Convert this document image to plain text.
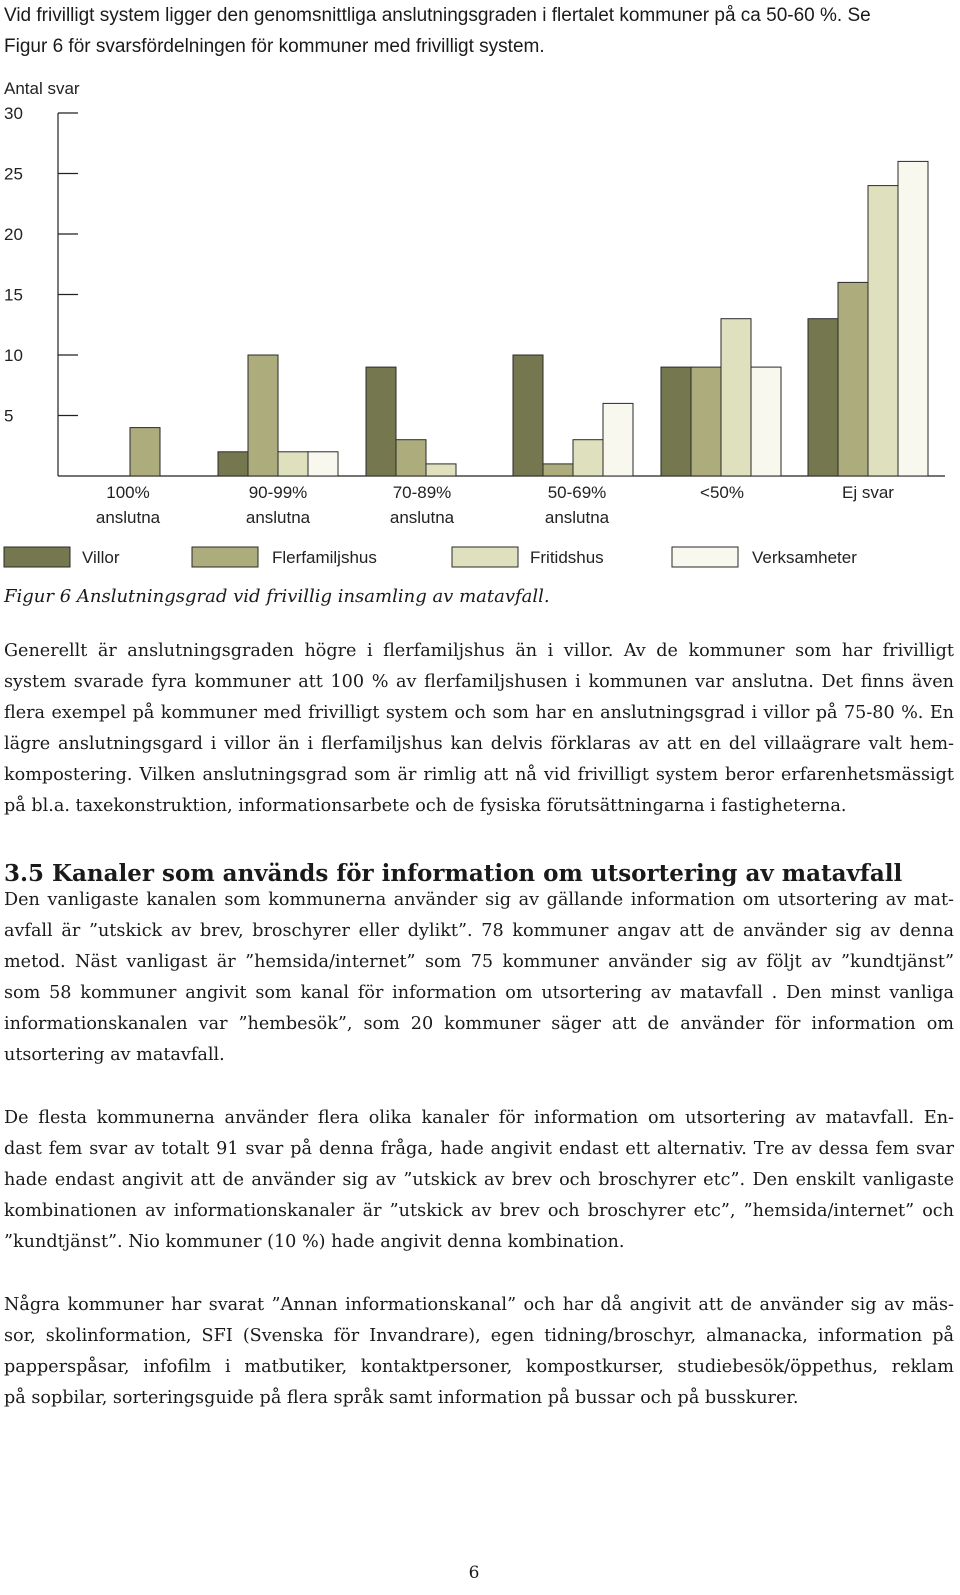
Vid frivilligt system ligger den genomsnittliga anslutningsgraden i flertalet kommuner på ca 50-60 %. Se
Figur 6 för svarsfördelningen för kommuner med frivilligt system.
Antal svar
30
25
20
15
10
5
100%
anslutna
90-99%
anslutna
70-89%
anslutna
50-69%
anslutna
<50%	Ej svar
Villor	Flerfamiljshus	Fritidshus	Verksamheter
Figur 6 Anslutningsgrad vid frivillig insamling av matavfall.

Generellt är anslutningsgraden högre i flerfamiljshus än i villor. Av de kommuner som har frivilligt

system svarade fyra kommuner att 100 % av flerfamiljshusen i kommunen var anslutna. Det finns även

flera exempel på kommuner med frivilligt system och som har en anslutningsgrad i villor på 75-80 %. En

lägre anslutningsgard i villor än i flerfamiljshus kan delvis förklaras av att en del villaägrare valt hem-

kompostering. Vilken anslutningsgrad som är rimlig att nå vid frivilligt system beror erfarenhetsmässigt

på bl.a. taxekonstruktion, informationsarbete och de fysiska förutsättningarna i fastigheterna.

3.5 Kanaler som används för information om utsortering av matavfall

Den vanligaste kanalen som kommunerna använder sig av gällande information om utsortering av mat-

avfall är ”utskick av brev, broschyrer eller dylikt”. 78 kommuner angav att de använder sig av denna

metod. Näst vanligast är ”hemsida/internet” som 75 kommuner använder sig av följt av ”kundtjänst”

som 58 kommuner angivit som kanal för information om utsortering av matavfall . Den minst vanliga

informationskanalen var ”hembesök”, som 20 kommuner säger att de använder för information om

utsortering av matavfall.

De flesta kommunerna använder flera olika kanaler för information om utsortering av matavfall. En-

dast fem svar av totalt 91 svar på denna fråga, hade angivit endast ett alternativ. Tre av dessa fem svar

hade endast angivit att de använder sig av ”utskick av brev och broschyrer etc”. Den enskilt vanligaste

kombinationen av informationskanaler är ”utskick av brev och broschyrer etc”, ”hemsida/internet” och

”kundtjänst”. Nio kommuner (10 %) hade angivit denna kombination.

Några kommuner har svarat ”Annan informationskanal” och har då angivit att de använder sig av mäs-

sor, skolinformation, SFI (Svenska för Invandrare), egen tidning/broschyr, almanacka, information på

papperspåsar, infofilm i matbutiker, kontaktpersoner, kompostkurser, studiebesök/öppethus, reklam

på sopbilar, sorteringsguide på flera språk samt information på bussar och på busskurer.

6
